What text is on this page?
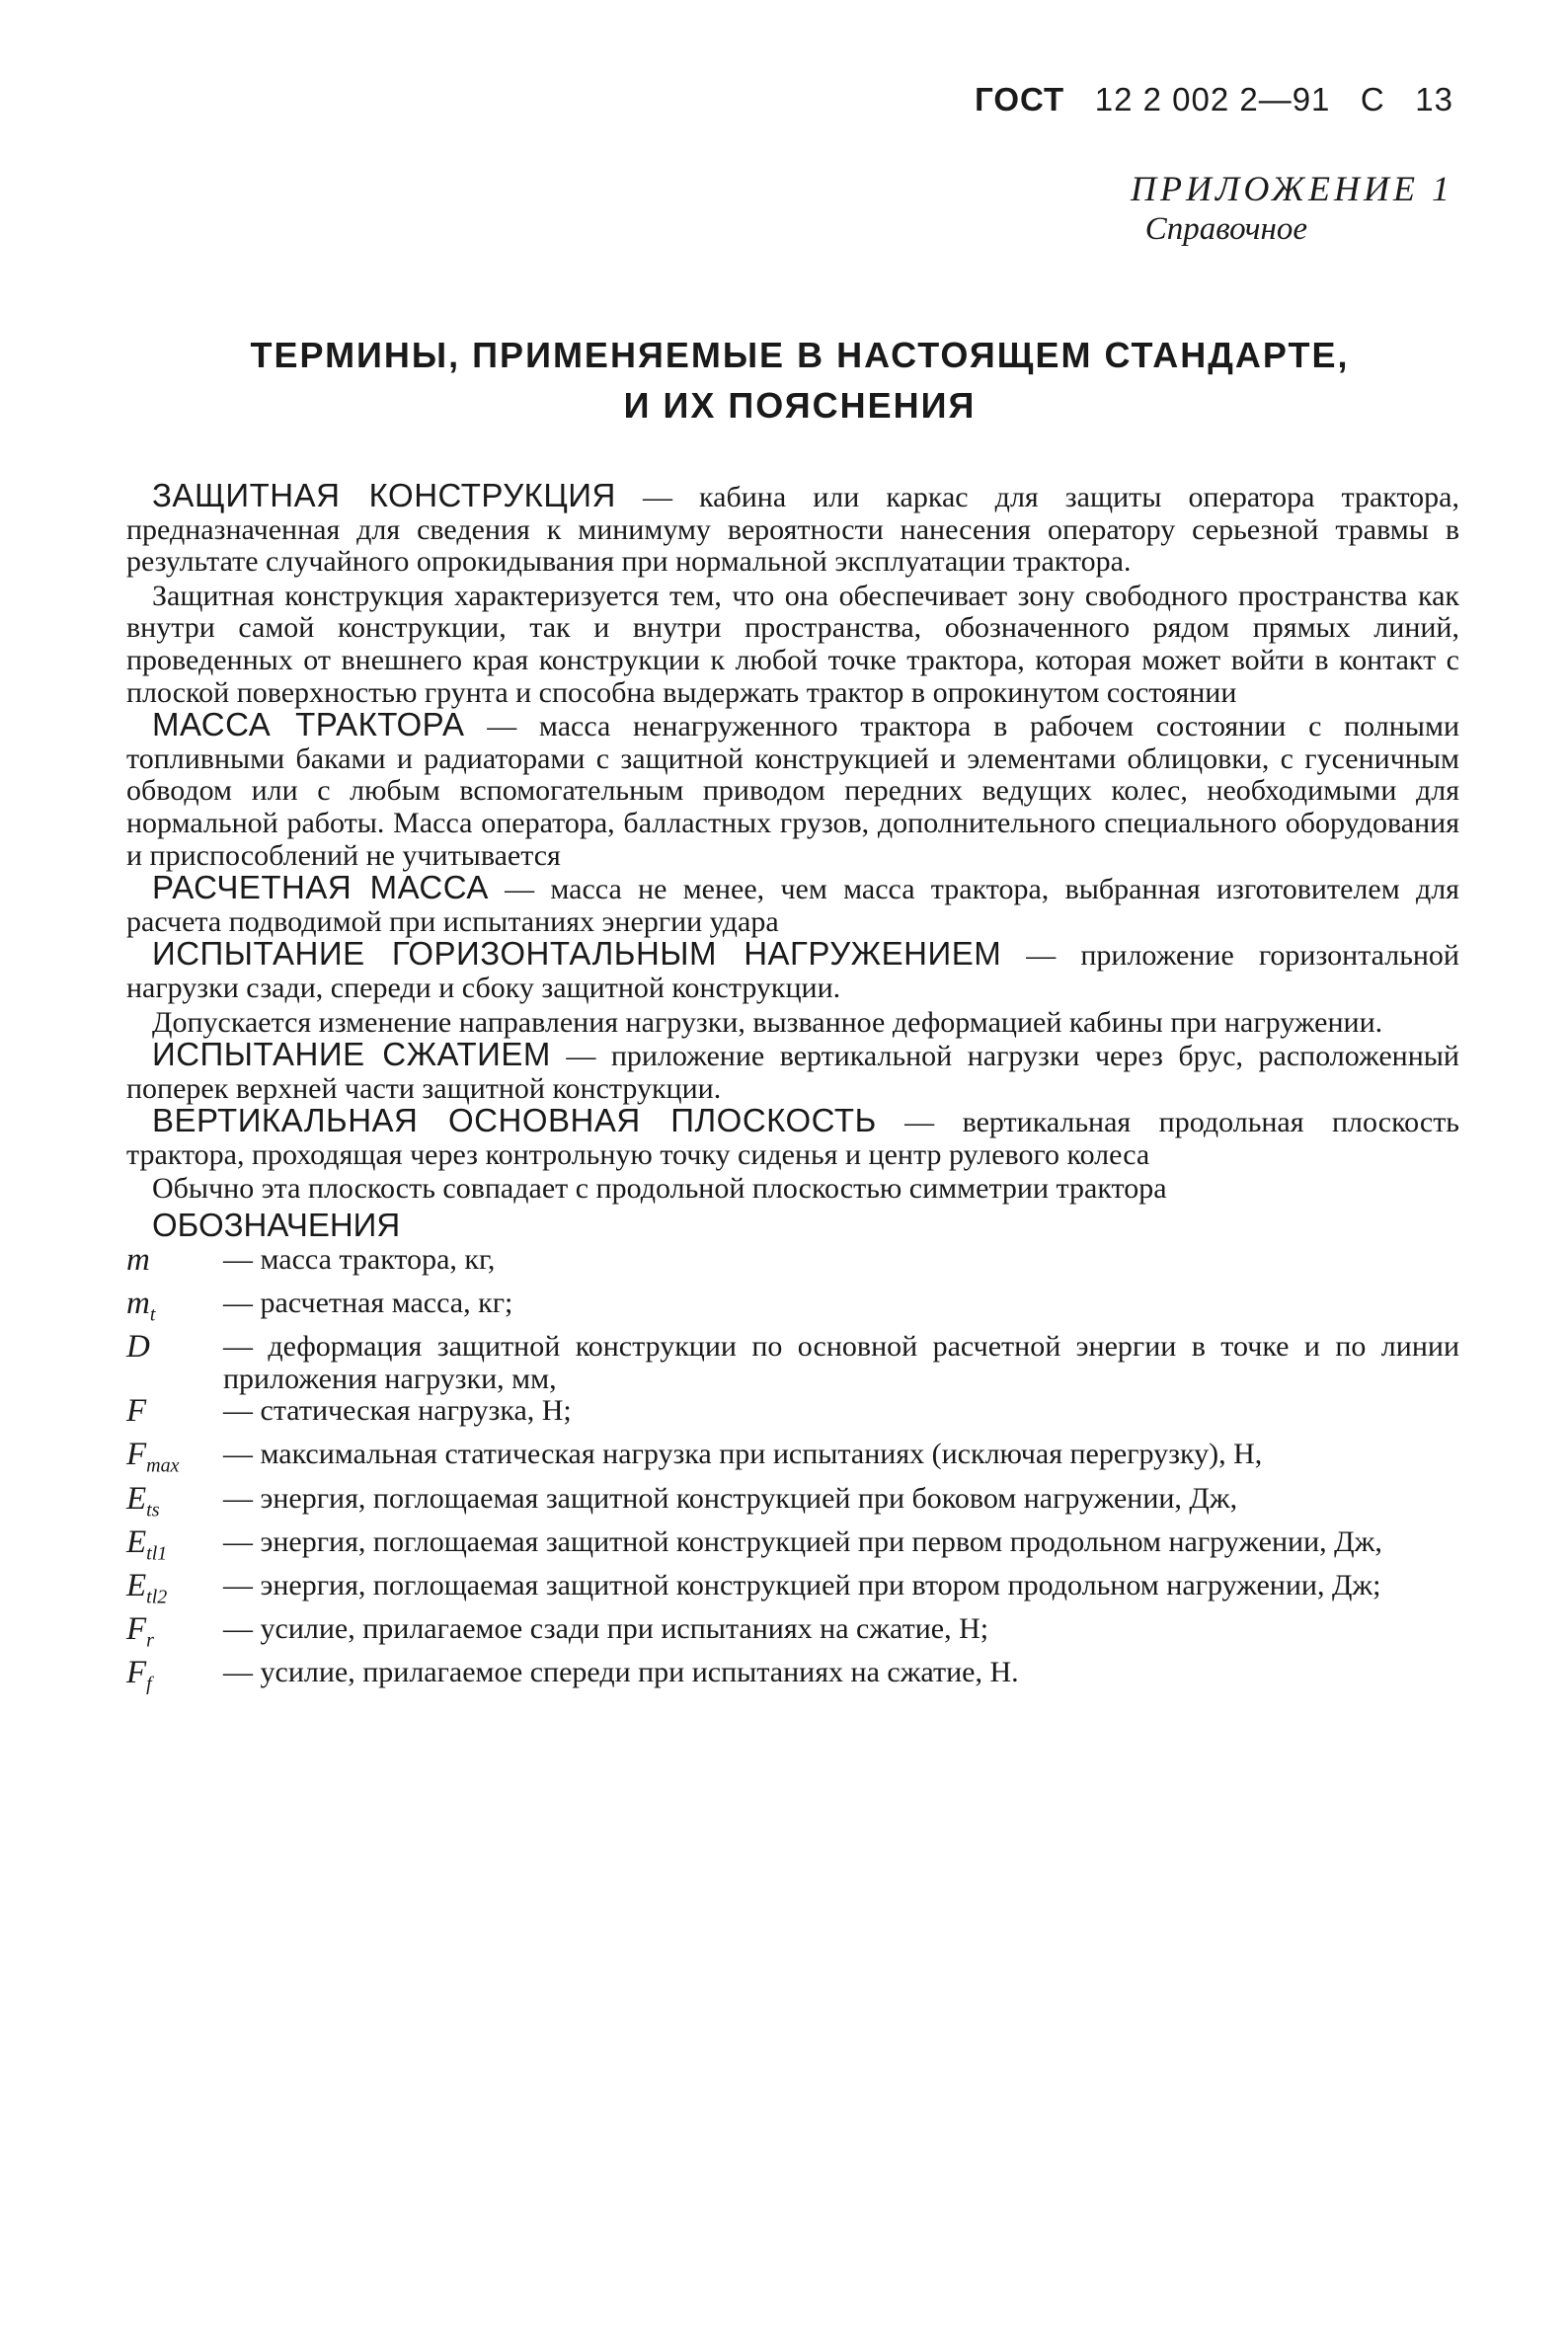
ГОСТ 12 2 002 2—91 С 13
ПРИЛОЖЕНИЕ 1
Справочное
ТЕРМИНЫ, ПРИМЕНЯЕМЫЕ В НАСТОЯЩЕМ СТАНДАРТЕ,
И ИХ ПОЯСНЕНИЯ

ЗАЩИТНАЯ КОНСТРУКЦИЯ — кабина или каркас для защиты оператора трактора, предназначенная для сведения к минимуму вероятности нанесения оператору серьезной травмы в результате случайного опрокидывания при нормальной эксплуатации трактора.

Защитная конструкция характеризуется тем, что она обеспечивает зону свободного пространства как внутри самой конструкции, так и внутри пространства, обозначенного рядом прямых линий, проведенных от внешнего края конструкции к любой точке трактора, которая может войти в контакт с плоской поверхностью грунта и способна выдержать трактор в опрокинутом состоянии

МАССА ТРАКТОРА — масса ненагруженного трактора в рабочем состоянии с полными топливными баками и радиаторами с защитной конструкцией и элементами облицовки, с гусеничным обводом или с любым вспомогательным приводом передних ведущих колес, необходимыми для нормальной работы. Масса оператора, балластных грузов, дополнительного специального оборудования и приспособлений не учитывается

РАСЧЕТНАЯ МАССА — масса не менее, чем масса трактора, выбранная изготовителем для расчета подводимой при испытаниях энергии удара

ИСПЫТАНИЕ ГОРИЗОНТАЛЬНЫМ НАГРУЖЕНИЕМ — приложение горизонтальной нагрузки сзади, спереди и сбоку защитной конструкции.

Допускается изменение направления нагрузки, вызванное деформацией кабины при нагружении.

ИСПЫТАНИЕ СЖАТИЕМ — приложение вертикальной нагрузки через брус, расположенный поперек верхней части защитной конструкции.

ВЕРТИКАЛЬНАЯ ОСНОВНАЯ ПЛОСКОСТЬ — вертикальная продольная плоскость трактора, проходящая через контрольную точку сиденья и центр рулевого колеса

Обычно эта плоскость совпадает с продольной плоскостью симметрии трактора

ОБОЗНАЧЕНИЯ
m	— масса трактора, кг,
$m_t$	— расчетная масса, кг;
D	— деформация защитной конструкции по основной расчетной энергии в точке и по линии приложения нагрузки, мм,
F	— статическая нагрузка, Н;
$F_{max}$	— максимальная статическая нагрузка при испытаниях (исключая перегрузку), Н,
$E_{ts}$	— энергия, поглощаемая защитной конструкцией при боковом нагружении, Дж,
$E_{tl1}$	— энергия, поглощаемая защитной конструкцией при первом продольном нагружении, Дж,
$E_{tl2}$	— энергия, поглощаемая защитной конструкцией при втором продольном нагружении, Дж;
$F_r$	— усилие, прилагаемое сзади при испытаниях на сжатие, Н;
$F_f$	— усилие, прилагаемое спереди при испытаниях на сжатие, Н.
